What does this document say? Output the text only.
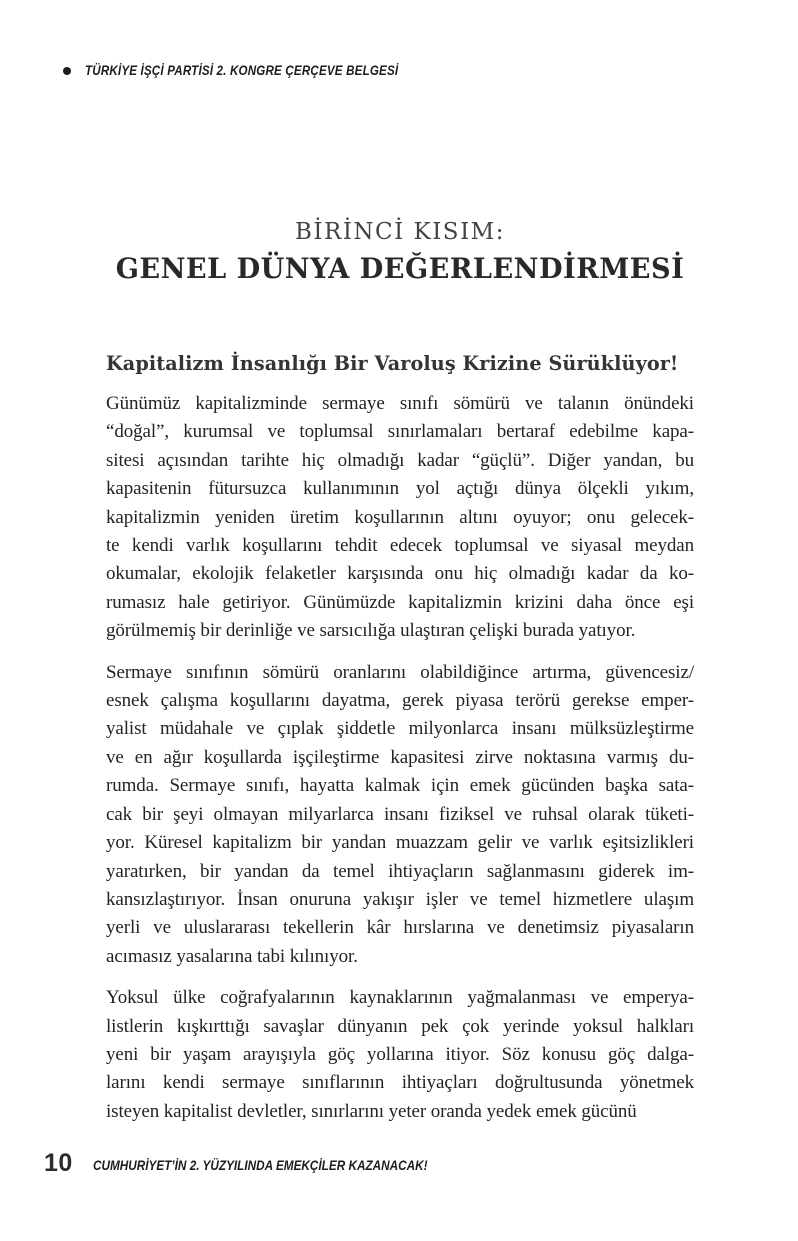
TÜRKİYE İŞÇİ PARTİSİ 2. KONGRE ÇERÇEVE BELGESİ
BİRİNCİ KISIM:
GENEL DÜNYA DEĞERLENDİRMESİ
Kapitalizm İnsanlığı Bir Varoluş Krizine Sürüklüyor!
Günümüz kapitalizminde sermaye sınıfı sömürü ve talanın önündeki
“doğal”, kurumsal ve toplumsal sınırlamaları bertaraf edebilme kapa-
sitesi açısından tarihte hiç olmadığı kadar “güçlü”. Diğer yandan, bu
kapasitenin fütursuzca kullanımının yol açtığı dünya ölçekli yıkım,
kapitalizmin yeniden üretim koşullarının altını oyuyor; onu gelecek-
te kendi varlık koşullarını tehdit edecek toplumsal ve siyasal meydan
okumalar, ekolojik felaketler karşısında onu hiç olmadığı kadar da ko-
rumasız hale getiriyor. Günümüzde kapitalizmin krizini daha önce eşi
görülmemiş bir derinliğe ve sarsıcılığa ulaştıran çelişki burada yatıyor.
Sermaye sınıfının sömürü oranlarını olabildiğince artırma, güvencesiz/
esnek çalışma koşullarını dayatma, gerek piyasa terörü gerekse emper-
yalist müdahale ve çıplak şiddetle milyonlarca insanı mülksüzleştirme
ve en ağır koşullarda işçileştirme kapasitesi zirve noktasına varmış du-
rumda. Sermaye sınıfı, hayatta kalmak için emek gücünden başka sata-
cak bir şeyi olmayan milyarlarca insanı fiziksel ve ruhsal olarak tüketi-
yor. Küresel kapitalizm bir yandan muazzam gelir ve varlık eşitsizlikleri
yaratırken, bir yandan da temel ihtiyaçların sağlanmasını giderek im-
kansızlaştırıyor. İnsan onuruna yakışır işler ve temel hizmetlere ulaşım
yerli ve uluslararası tekellerin kâr hırslarına ve denetimsiz piyasaların
acımasız yasalarına tabi kılınıyor.
Yoksul ülke coğrafyalarının kaynaklarının yağmalanması ve emperya-
listlerin kışkırttığı savaşlar dünyanın pek çok yerinde yoksul halkları
yeni bir yaşam arayışıyla göç yollarına itiyor. Söz konusu göç dalga-
larını kendi sermaye sınıflarının ihtiyaçları doğrultusunda yönetmek
isteyen kapitalist devletler, sınırlarını yeter oranda yedek emek gücünü
10 CUMHURİYET’İN 2. YÜZYILINDA EMEKÇİLER KAZANACAK!
